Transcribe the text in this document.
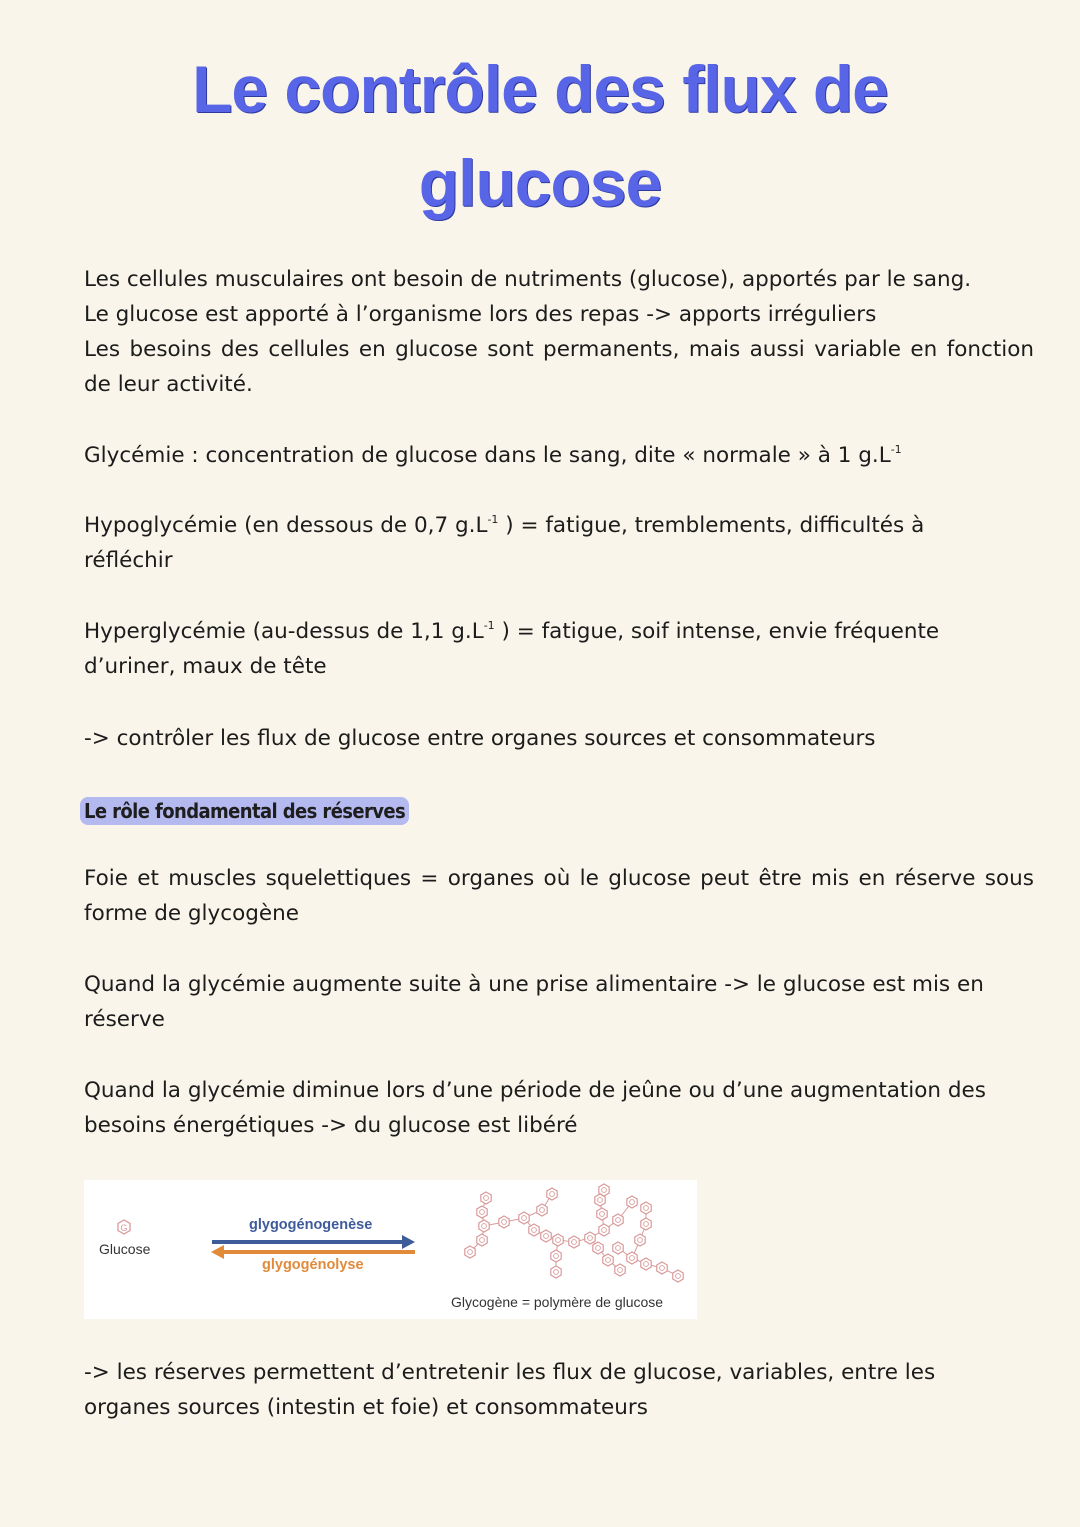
Le contrôle des flux de
glucose
Les cellules musculaires ont besoin de nutriments (glucose), apportés par le sang.
Le glucose est apporté à l’organisme lors des repas -> apports irréguliers
Les besoins des cellules en glucose sont permanents, mais aussi variable en fonction
de leur activité.
Glycémie : concentration de glucose dans le sang, dite « normale » à 1 $g.L^{-1}$
Hypoglycémie (en dessous de 0,7 $g.L^{-1}$ ) = fatigue, tremblements, difficultés à
réfléchir
Hyperglycémie (au-dessus de 1,1 $g.L^{-1}$ ) = fatigue, soif intense, envie fréquente
d’uriner, maux de tête
-> contrôler les flux de glucose entre organes sources et consommateurs
Le rôle fondamental des réserves
Foie et muscles squelettiques = organes où le glucose peut être mis en réserve sous
forme de glycogène
Quand la glycémie augmente suite à une prise alimentaire -> le glucose est mis en
réserve
Quand la glycémie diminue lors d’une période de jeûne ou d’une augmentation des
besoins énergétiques -> du glucose est libéré
G
Glucose
glygogénogenèse
glygogénolyse
Glycogène = polymère de glucose
-> les réserves permettent d’entretenir les flux de glucose, variables, entre les
organes sources (intestin et foie) et consommateurs
